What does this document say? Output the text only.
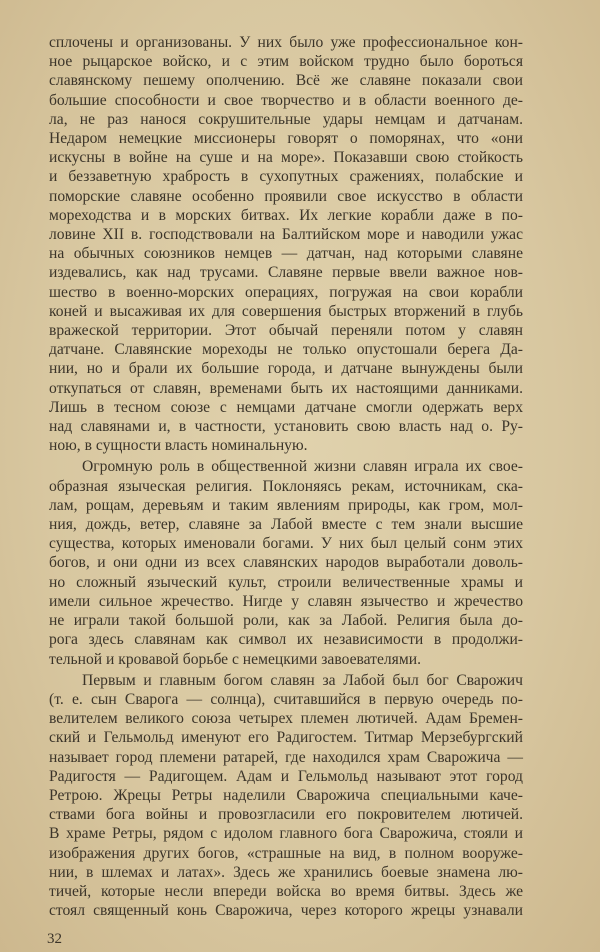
сплочены и организованы. У них было уже профессиональное кон-
ное рыцарское войско, и с этим войском трудно было бороться
славянскому пешему ополчению. Всё же славяне показали свои
большие способности и свое творчество и в области военного де-
ла, не раз нанося сокрушительные удары немцам и датчанам.
Недаром немецкие миссионеры говорят о поморянах, что «они
искусны в войне на суше и на море». Показавши свою стойкость
и беззаветную храбрость в сухопутных сражениях, полабские и
поморские славяне особенно проявили свое искусство в области
мореходства и в морских битвах. Их легкие корабли даже в по-
ловине XII в. господствовали на Балтийском море и наводили ужас
на обычных союзников немцев — датчан, над которыми славяне
издевались, как над трусами. Славяне первые ввели важное нов-
шество в военно-морских операциях, погружая на свои корабли
коней и высаживая их для совершения быстрых вторжений в глубь
вражеской территории. Этот обычай переняли потом у славян
датчане. Славянские мореходы не только опустошали берега Да-
нии, но и брали их большие города, и датчане вынуждены были
откупаться от славян, временами быть их настоящими данниками.
Лишь в тесном союзе с немцами датчане смогли одержать верх
над славянами и, в частности, установить свою власть над о. Ру-
ною, в сущности власть номинальную.
Огромную роль в общественной жизни славян играла их свое-
образная языческая религия. Поклоняясь рекам, источникам, ска-
лам, рощам, деревьям и таким явлениям природы, как гром, мол-
ния, дождь, ветер, славяне за Лабой вместе с тем знали высшие
существа, которых именовали богами. У них был целый сонм этих
богов, и они одни из всех славянских народов выработали доволь-
но сложный языческий культ, строили величественные храмы и
имели сильное жречество. Нигде у славян язычество и жречество
не играли такой большой роли, как за Лабой. Религия была до-
рога здесь славянам как символ их независимости в продолжи-
тельной и кровавой борьбе с немецкими завоевателями.
Первым и главным богом славян за Лабой был бог Сварожич
(т. е. сын Сварога — солнца), считавшийся в первую очередь по-
велителем великого союза четырех племен лютичей. Адам Бремен-
ский и Гельмольд именуют его Радигостем. Титмар Мерзебургский
называет город племени ратарей, где находился храм Сварожича —
Радигостя — Радигощем. Адам и Гельмольд называют этот город
Ретрою. Жрецы Ретры наделили Сварожича специальными каче-
ствами бога войны и провозгласили его покровителем лютичей.
В храме Ретры, рядом с идолом главного бога Сварожича, стояли и
изображения других богов, «страшные на вид, в полном вооруже-
нии, в шлемах и латах». Здесь же хранились боевые знамена лю-
тичей, которые несли впереди войска во время битвы. Здесь же
стоял священный конь Сварожича, через которого жрецы узнавали
32
